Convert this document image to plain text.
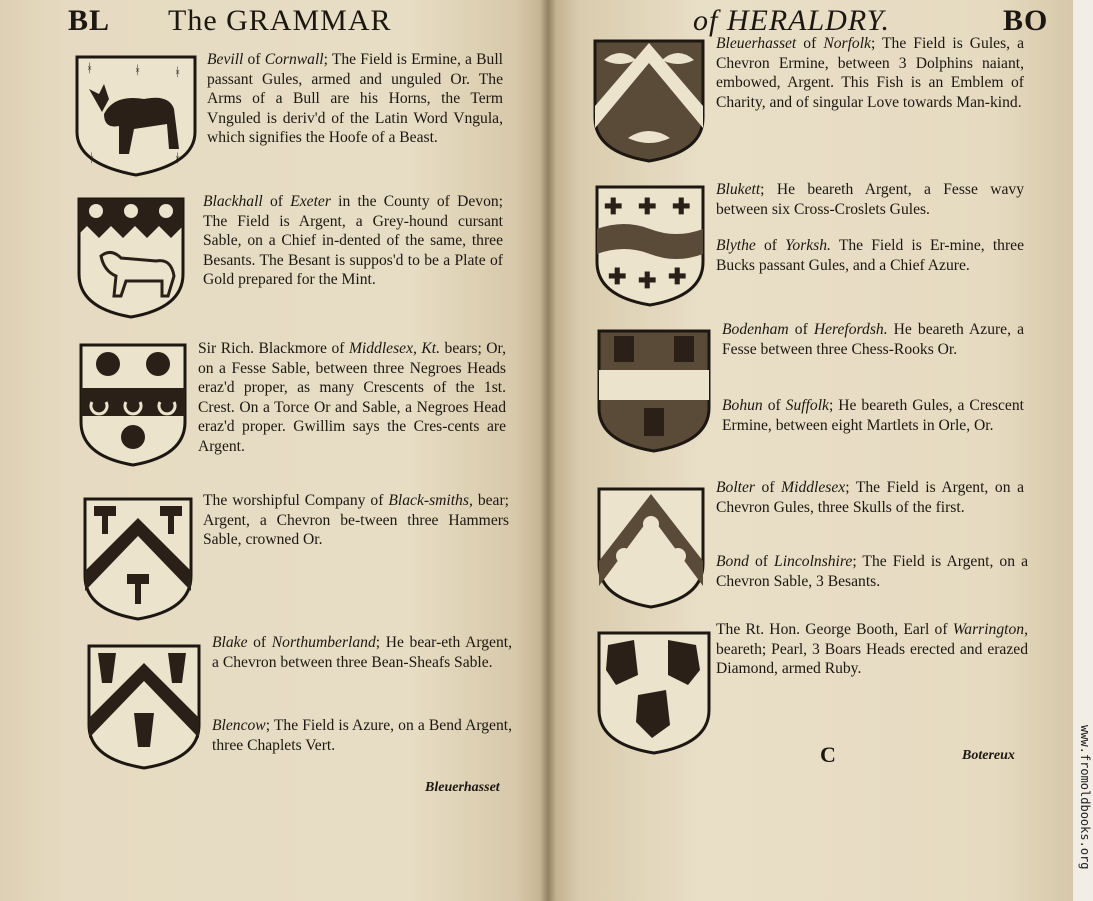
BL The GRAMMAR	of HERALDRY.	BO
ᚼ	ᚼ	ᚼ
ᚼ	ᚼ
Bevill of Cornwall; The Field is Ermine, a Bull passant Gules, armed and unguled Or. The Arms of a Bull are his Horns, the Term Vnguled is deriv'd of the Latin Word Vngula, which signifies the Hoofe of a Beast.
Blackhall of Exeter in the County of Devon; The Field is Argent, a Grey-hound cursant Sable, on a Chief in-dented of the same, three Besants. The Besant is suppos'd to be a Plate of Gold prepared for the Mint.
Sir Rich. Blackmore of Middlesex, Kt. bears; Or, on a Fesse Sable, between three Negroes Heads eraz'd proper, as many Crescents of the 1st. Crest. On a Torce Or and Sable, a Negroes Head eraz'd proper. Gwillim says the Cres-cents are Argent.
The worshipful Company of Black-smiths, bear; Argent, a Chevron be-tween three Hammers Sable, crowned Or.
Blake of Northumberland; He bear-eth Argent, a Chevron between three Bean-Sheafs Sable.
Blencow; The Field is Azure, on a Bend Argent, three Chaplets Vert.
Bleuerhasset
✚ ✚ ✚
✚ ✚ ✚
Bleuerhasset of Norfolk; The Field is Gules, a Chevron Ermine, between 3 Dolphins naiant, embowed, Argent. This Fish is an Emblem of Charity, and of singular Love towards Man-kind.
Blukett; He beareth Argent, a Fesse wavy between six Cross-Croslets Gules.
Blythe of Yorksh. The Field is Er-mine, three Bucks passant Gules, and a Chief Azure.
Bodenham of Herefordsh. He beareth Azure, a Fesse between three Chess-Rooks Or.
Bohun of Suffolk; He beareth Gules, a Crescent Ermine, between eight Martlets in Orle, Or.
Bolter of Middlesex; The Field is Argent, on a Chevron Gules, three Skulls of the first.
Bond of Lincolnshire; The Field is Argent, on a Chevron Sable, 3 Besants.
The Rt. Hon. George Booth, Earl of Warrington, beareth; Pearl, 3 Boars Heads erected and erazed Diamond, armed Ruby.
C	Botereux	www.fromoldbooks.org
